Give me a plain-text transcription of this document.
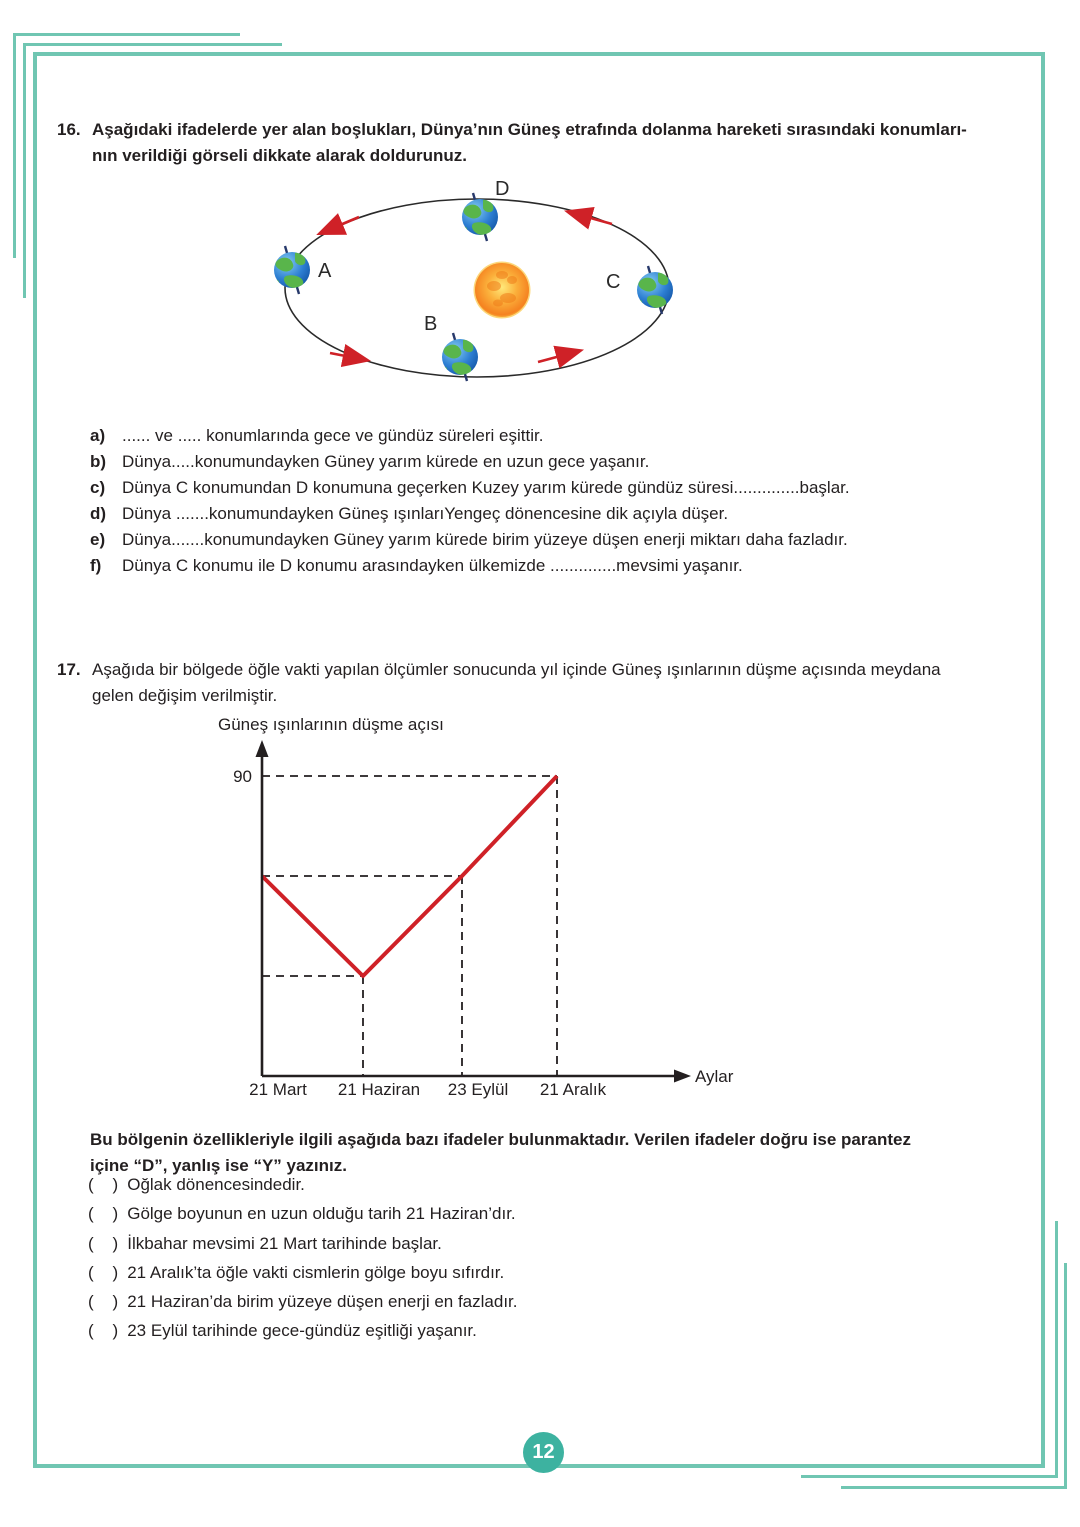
16. Aşağıdaki ifadelerde yer alan boşlukları, Dünya’nın Güneş etrafında dolanma hareketi sırasındaki konumları-
nın verildiği görseli dikkate alarak doldurunuz.
A
B
C
D
a) ...... ve ..... konumlarında gece ve gündüz süreleri eşittir.
b) Dünya.....konumundayken Güney yarım kürede en uzun gece yaşanır.
c) Dünya C konumundan D konumuna geçerken Kuzey yarım kürede gündüz süresi..............başlar.
d) Dünya .......konumundayken Güneş ışınlarıYengeç dönencesine dik açıyla düşer.
e) Dünya.......konumundayken Güney yarım kürede birim yüzeye düşen enerji miktarı daha fazladır.
f)	Dünya C konumu ile D konumu arasındayken ülkemizde ..............mevsimi yaşanır.
17. Aşağıda bir bölgede öğle vakti yapılan ölçümler sonucunda yıl içinde Güneş ışınlarının düşme açısında meydana
gelen değişim verilmiştir.
Güneş ışınlarının düşme açısı
Aylar
21 Mart 21 Haziran 23 Eylül 21 Aralık
90
Bu bölgenin özellikleriyle ilgili aşağıda bazı ifadeler bulunmaktadır. Verilen ifadeler doğru ise parantez
içine “D”, yanlış ise “Y” yazınız.
(    ) Oğlak dönencesindedir.
(    ) Gölge boyunun en uzun olduğu tarih 21 Haziran’dır.
(    ) İlkbahar mevsimi 21 Mart tarihinde başlar.
(    ) 21 Aralık’ta öğle vakti cismlerin gölge boyu sıfırdır.
(    ) 21 Haziran’da birim yüzeye düşen enerji en fazladır.
(    ) 23 Eylül tarihinde gece-gündüz eşitliği yaşanır.
12
